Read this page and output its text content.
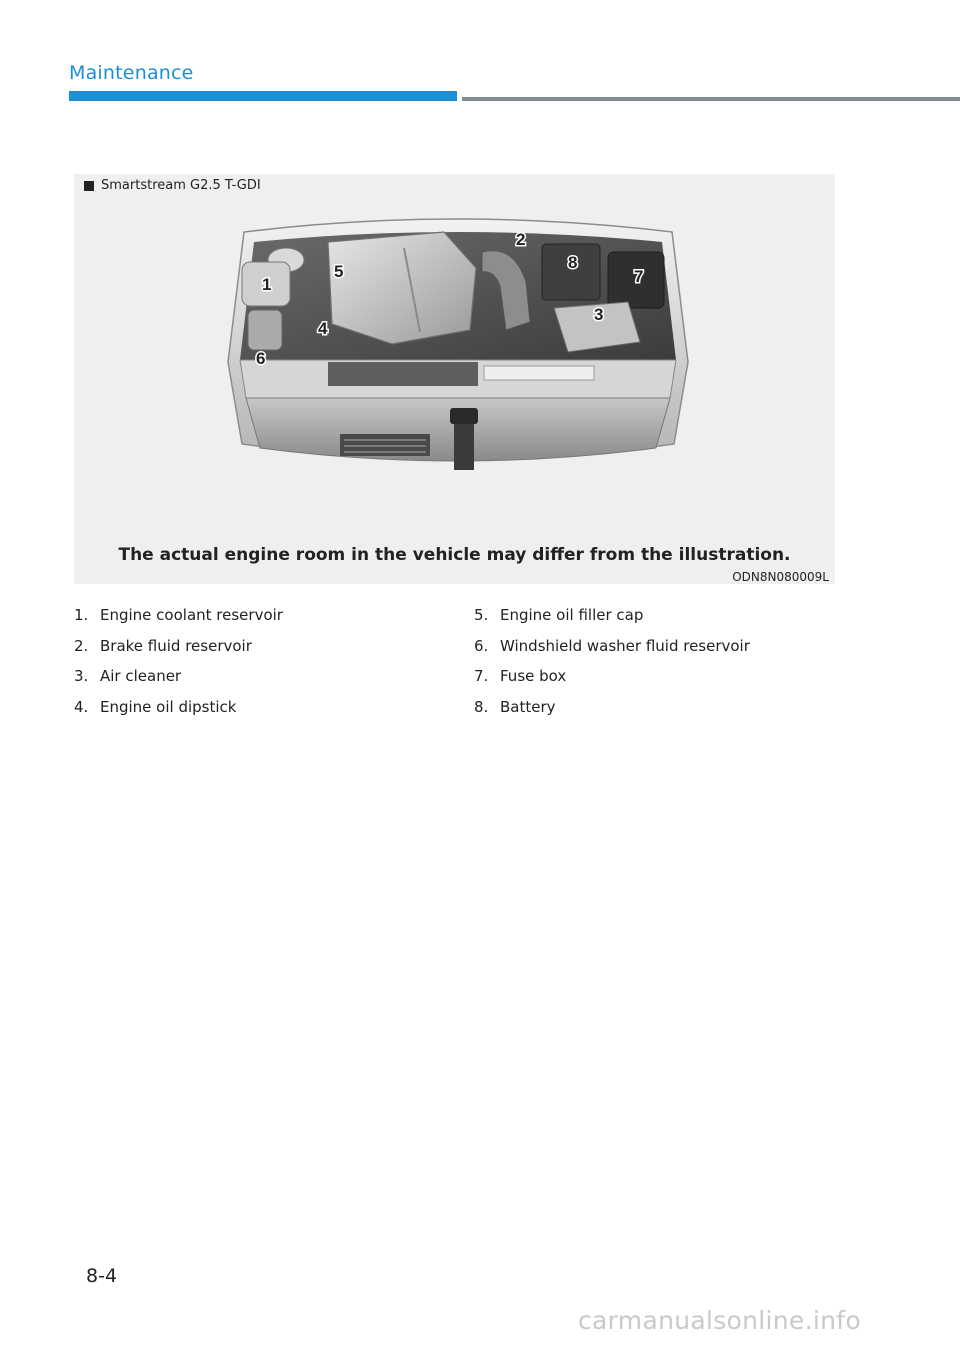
Maintenance
Smartstream G2.5 T-GDI
1
2
3
4
5
6
7
8
The actual engine room in the vehicle may differ from the illustration.
ODN8N080009L
1. Engine coolant reservoir
2. Brake fluid reservoir
3. Air cleaner
4. Engine oil dipstick
5. Engine oil filler cap
6. Windshield washer fluid reservoir
7. Fuse box
8. Battery
8-4
carmanualsonline.info
